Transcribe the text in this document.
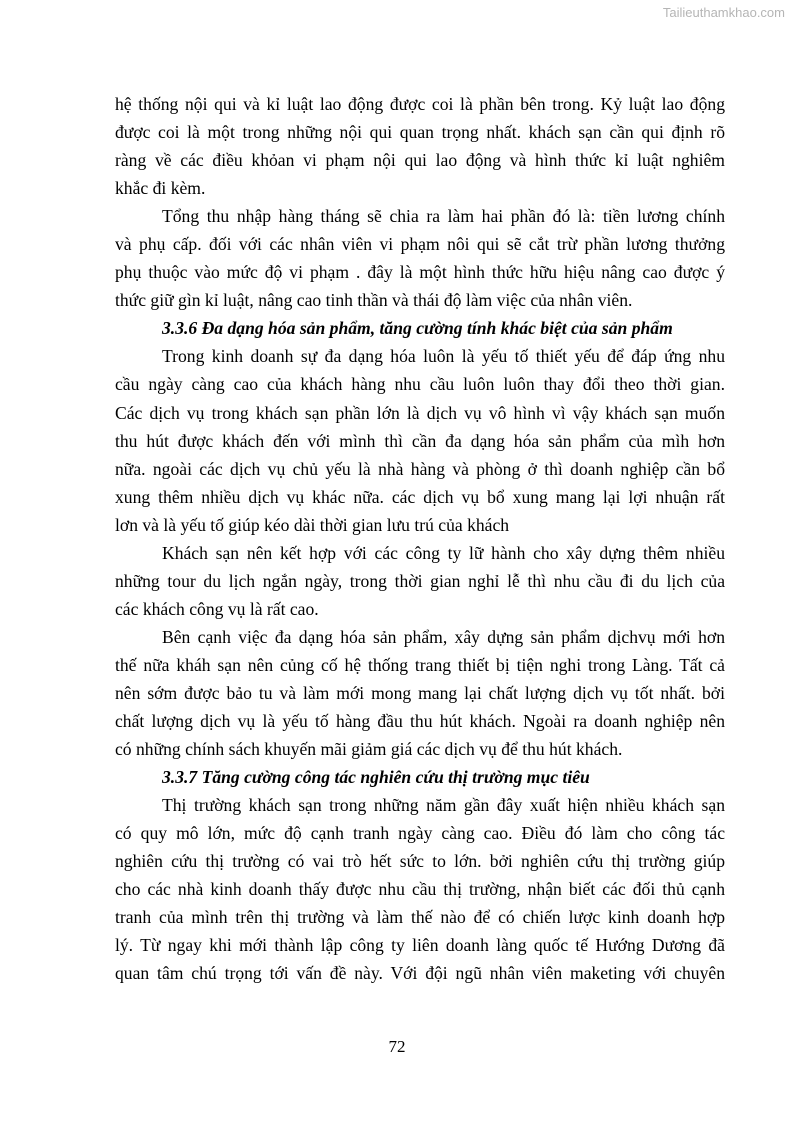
Tailieuthamkhao.com
hệ thống nội qui và kỉ luật lao động được coi là phần bên trong. Kỷ luật lao động
được coi là một trong những nội qui quan trọng nhất. khách sạn cần qui định rõ
ràng về các điều khỏan vi phạm nội qui lao động và hình thức kỉ luật nghiêm
khắc đi kèm.
Tổng thu nhập hàng tháng sẽ chia ra làm hai phần đó là: tiền lương chính
và phụ cấp. đối với các nhân viên vi phạm nôi qui sẽ cắt trừ phần lương thưởng
phụ thuộc vào mức độ vi phạm . đây là một hình thức hữu hiệu nâng cao được ý
thức giữ gìn kỉ luật, nâng cao tinh thần và thái độ làm việc của nhân viên.
3.3.6 Đa dạng hóa sản phẩm, tăng cường tính khác biệt của sản phẩm
Trong kinh doanh sự đa dạng hóa luôn là yếu tố thiết yếu để đáp ứng nhu
cầu ngày càng cao của khách hàng nhu cầu luôn luôn thay đổi theo thời gian.
Các dịch vụ trong khách sạn phần lớn là dịch vụ vô hình vì vậy khách sạn muốn
thu hút được khách đến với mình thì cần đa dạng hóa sản phẩm của mìh hơn
nữa. ngoài các dịch vụ chủ yếu là nhà hàng và phòng ở thì doanh nghiệp cần bổ
xung thêm nhiều dịch vụ khác nữa. các dịch vụ bổ xung mang lại lợi nhuận rất
lơn và là yếu tố giúp kéo dài thời gian lưu trú của khách
Khách sạn nên kết hợp với các công ty lữ hành cho xây dựng thêm nhiều
những tour du lịch ngắn ngày, trong thời gian nghỉ lễ thì nhu cầu đi du lịch của
các khách công vụ là rất cao.
Bên cạnh việc đa dạng hóa sản phẩm, xây dựng sản phẩm dịchvụ mới hơn
thế nữa kháh sạn nên củng cố hệ thống trang thiết bị tiện nghi trong Làng. Tất cả
nên sớm được bảo tu và làm mới mong mang lại chất lượng dịch vụ tốt nhất. bởi
chất lượng dịch vụ là yếu tố hàng đầu thu hút khách. Ngoài ra doanh nghiệp nên
có những chính sách khuyến mãi giảm giá các dịch vụ để thu hút khách.
3.3.7 Tăng cường công tác nghiên cứu thị trường mục tiêu
Thị trường khách sạn trong những năm gần đây xuất hiện nhiều khách sạn
có quy mô lớn, mức độ cạnh tranh ngày càng cao. Điều đó làm cho công tác
nghiên cứu thị trường có vai trò hết sức to lớn. bởi nghiên cứu thị trường giúp
cho các nhà kinh doanh thấy được nhu cầu thị trường, nhận biết các đối thủ cạnh
tranh của mình trên thị trường và làm thế nào để có chiến lược kinh doanh hợp
lý. Từ ngay khi mới thành lập công ty liên doanh làng quốc tế Hướng Dương đã
quan tâm chú trọng tới vấn đề này. Với đội ngũ nhân viên maketing với chuyên
72
